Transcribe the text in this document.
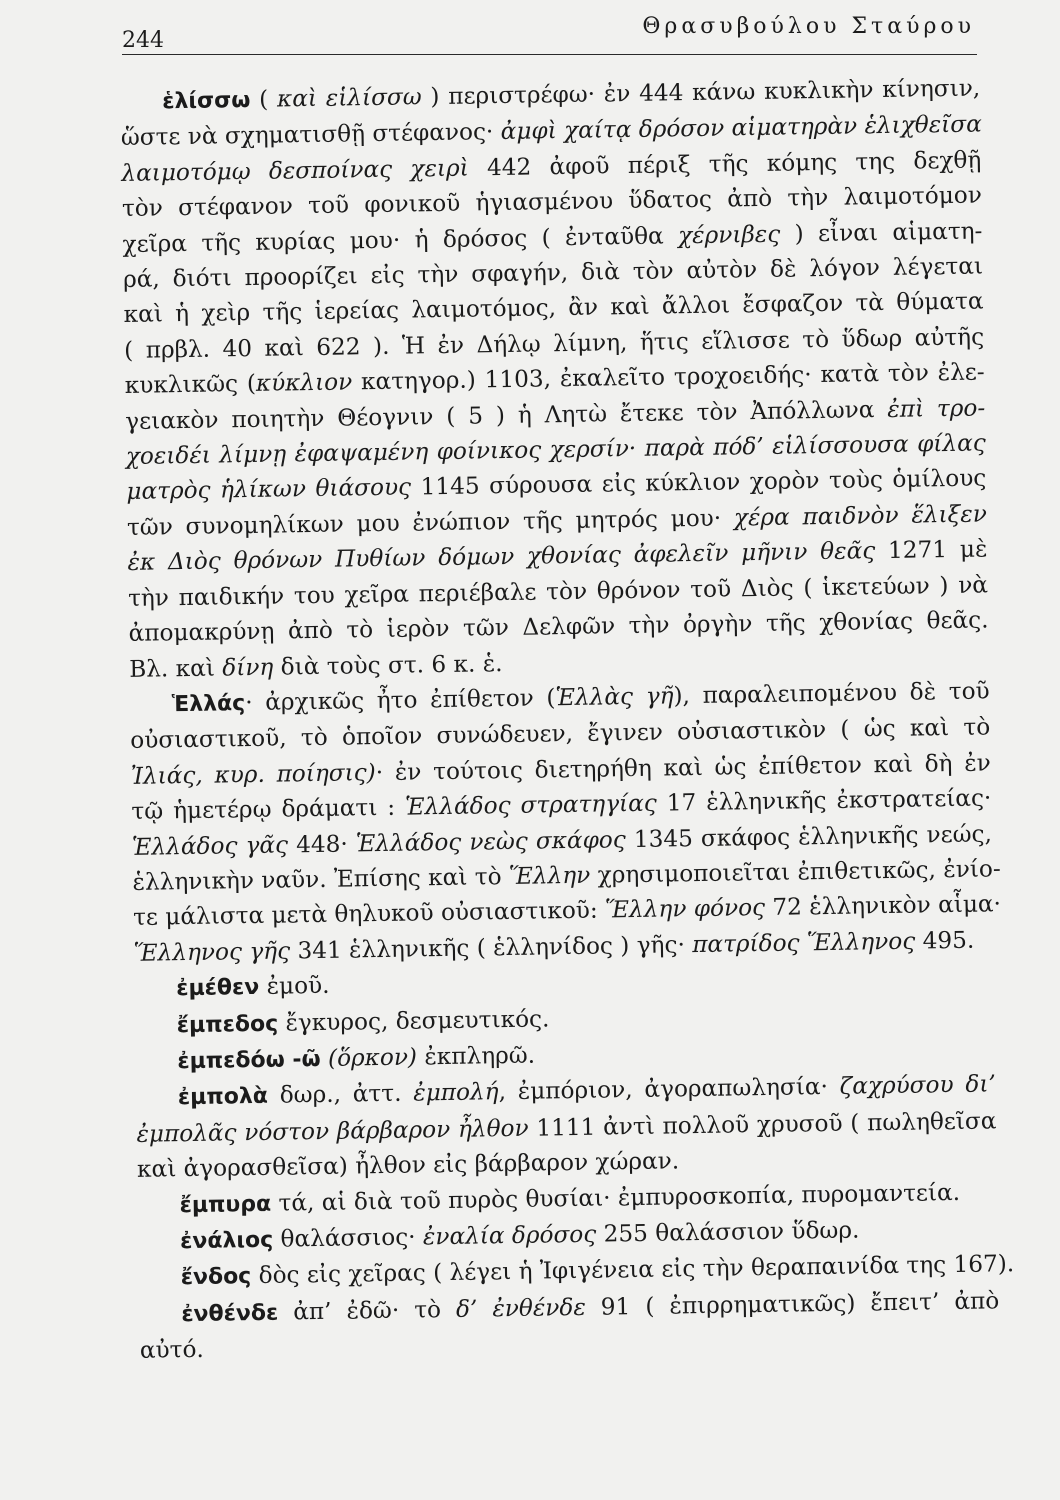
244
Θρασυβούλου Σταύρου
ἑλίσσω ( καὶ εἱλίσσω ) περιστρέφω· ἐν 444 κάνω κυκλικὴν κίνησιν,
ὥστε νὰ σχηματισθῇ στέφανος· ἀμφὶ χαίτᾳ δρόσον αἱματηρὰν ἑλιχθεῖσα
λαιμοτόμῳ δεσποίνας χειρὶ 442 ἀφοῦ πέριξ τῆς κόμης της δεχθῇ
τὸν στέφανον τοῦ φονικοῦ ἡγιασμένου ὕδατος ἀπὸ τὴν λαιμοτόμον
χεῖρα τῆς κυρίας μου· ἡ δρόσος ( ἐνταῦθα χέρνιβες ) εἶναι αἱματη-
ρά, διότι προορίζει εἰς τὴν σφαγήν, διὰ τὸν αὐτὸν δὲ λόγον λέγεται
καὶ ἡ χεὶρ τῆς ἱερείας λαιμοτόμος, ἂν καὶ ἄλλοι ἔσφαζον τὰ θύματα
( πρβλ. 40 καὶ 622 ). Ἡ ἐν Δήλῳ λίμνη, ἥτις εἵλισσε τὸ ὕδωρ αὐτῆς
κυκλικῶς (κύκλιον κατηγορ.) 1103, ἐκαλεῖτο τροχοειδής· κατὰ τὸν ἐλε-
γειακὸν ποιητὴν Θέογνιν ( 5 ) ἡ Λητὼ ἔτεκε τὸν Ἀπόλλωνα ἐπὶ τρο-
χοειδέι λίμνῃ ἐφαψαμένη φοίνικος χερσίν· παρὰ πόδ’ εἱλίσσουσα φίλας
ματρὸς ἡλίκων θιάσους 1145 σύρουσα εἰς κύκλιον χορὸν τοὺς ὁμίλους
τῶν συνομηλίκων μου ἐνώπιον τῆς μητρός μου· χέρα παιδνὸν ἕλιξεν
ἐκ Διὸς θρόνων Πυθίων δόμων χθονίας ἀφελεῖν μῆνιν θεᾶς 1271 μὲ
τὴν παιδικήν του χεῖρα περιέβαλε τὸν θρόνον τοῦ Διὸς ( ἱκετεύων ) νὰ
ἀπομακρύνῃ ἀπὸ τὸ ἱερὸν τῶν Δελφῶν τὴν ὀργὴν τῆς χθονίας θεᾶς.
Βλ. καὶ δίνη διὰ τοὺς στ. 6 κ. ἑ.
Ἑλλάς· ἀρχικῶς ἦτο ἐπίθετον (Ἑλλὰς γῆ), παραλειπομένου δὲ τοῦ
οὐσιαστικοῦ, τὸ ὁποῖον συνώδευεν, ἔγινεν οὐσιαστικὸν ( ὡς καὶ τὸ
Ἰλιάς, κυρ. ποίησις)· ἐν τούτοις διετηρήθη καὶ ὡς ἐπίθετον καὶ δὴ ἐν
τῷ ἡμετέρῳ δράματι : Ἑλλάδος στρατηγίας 17 ἑλληνικῆς ἐκστρατείας·
Ἑλλάδος γᾶς 448· Ἑλλάδος νεὼς σκάφος 1345 σκάφος ἑλληνικῆς νεώς,
ἑλληνικὴν ναῦν. Ἐπίσης καὶ τὸ Ἕλλην χρησιμοποιεῖται ἐπιθετικῶς, ἐνίο-
τε μάλιστα μετὰ θηλυκοῦ οὐσιαστικοῦ: Ἕλλην φόνος 72 ἑλληνικὸν αἷμα·
Ἕλληνος γῆς 341 ἑλληνικῆς ( ἑλληνίδος ) γῆς· πατρίδος Ἕλληνος 495.
ἐμέθεν ἐμοῦ.
ἔμπεδος ἔγκυρος, δεσμευτικός.
ἐμπεδόω -ῶ (ὅρκον) ἐκπληρῶ.
ἐμπολὰ δωρ., ἀττ. ἐμπολή, ἐμπόριον, ἀγοραπωλησία· ζαχρύσου δι’
ἐμπολᾶς νόστον βάρβαρον ἦλθον 1111 ἀντὶ πολλοῦ χρυσοῦ ( πωληθεῖσα
καὶ ἀγορασθεῖσα) ἦλθον εἰς βάρβαρον χώραν.
ἔμπυρα τά, αἱ διὰ τοῦ πυρὸς θυσίαι· ἐμπυροσκοπία, πυρομαντεία.
ἐνάλιος θαλάσσιος· ἐναλία δρόσος 255 θαλάσσιον ὕδωρ.
ἔνδος δὸς εἰς χεῖρας ( λέγει ἡ Ἰφιγένεια εἰς τὴν θεραπαινίδα της 167).
ἐνθένδε ἀπ’ ἐδῶ· τὸ δ’ ἐνθένδε 91 ( ἐπιρρηματικῶς) ἔπειτ’ ἀπὸ
αὐτό.
